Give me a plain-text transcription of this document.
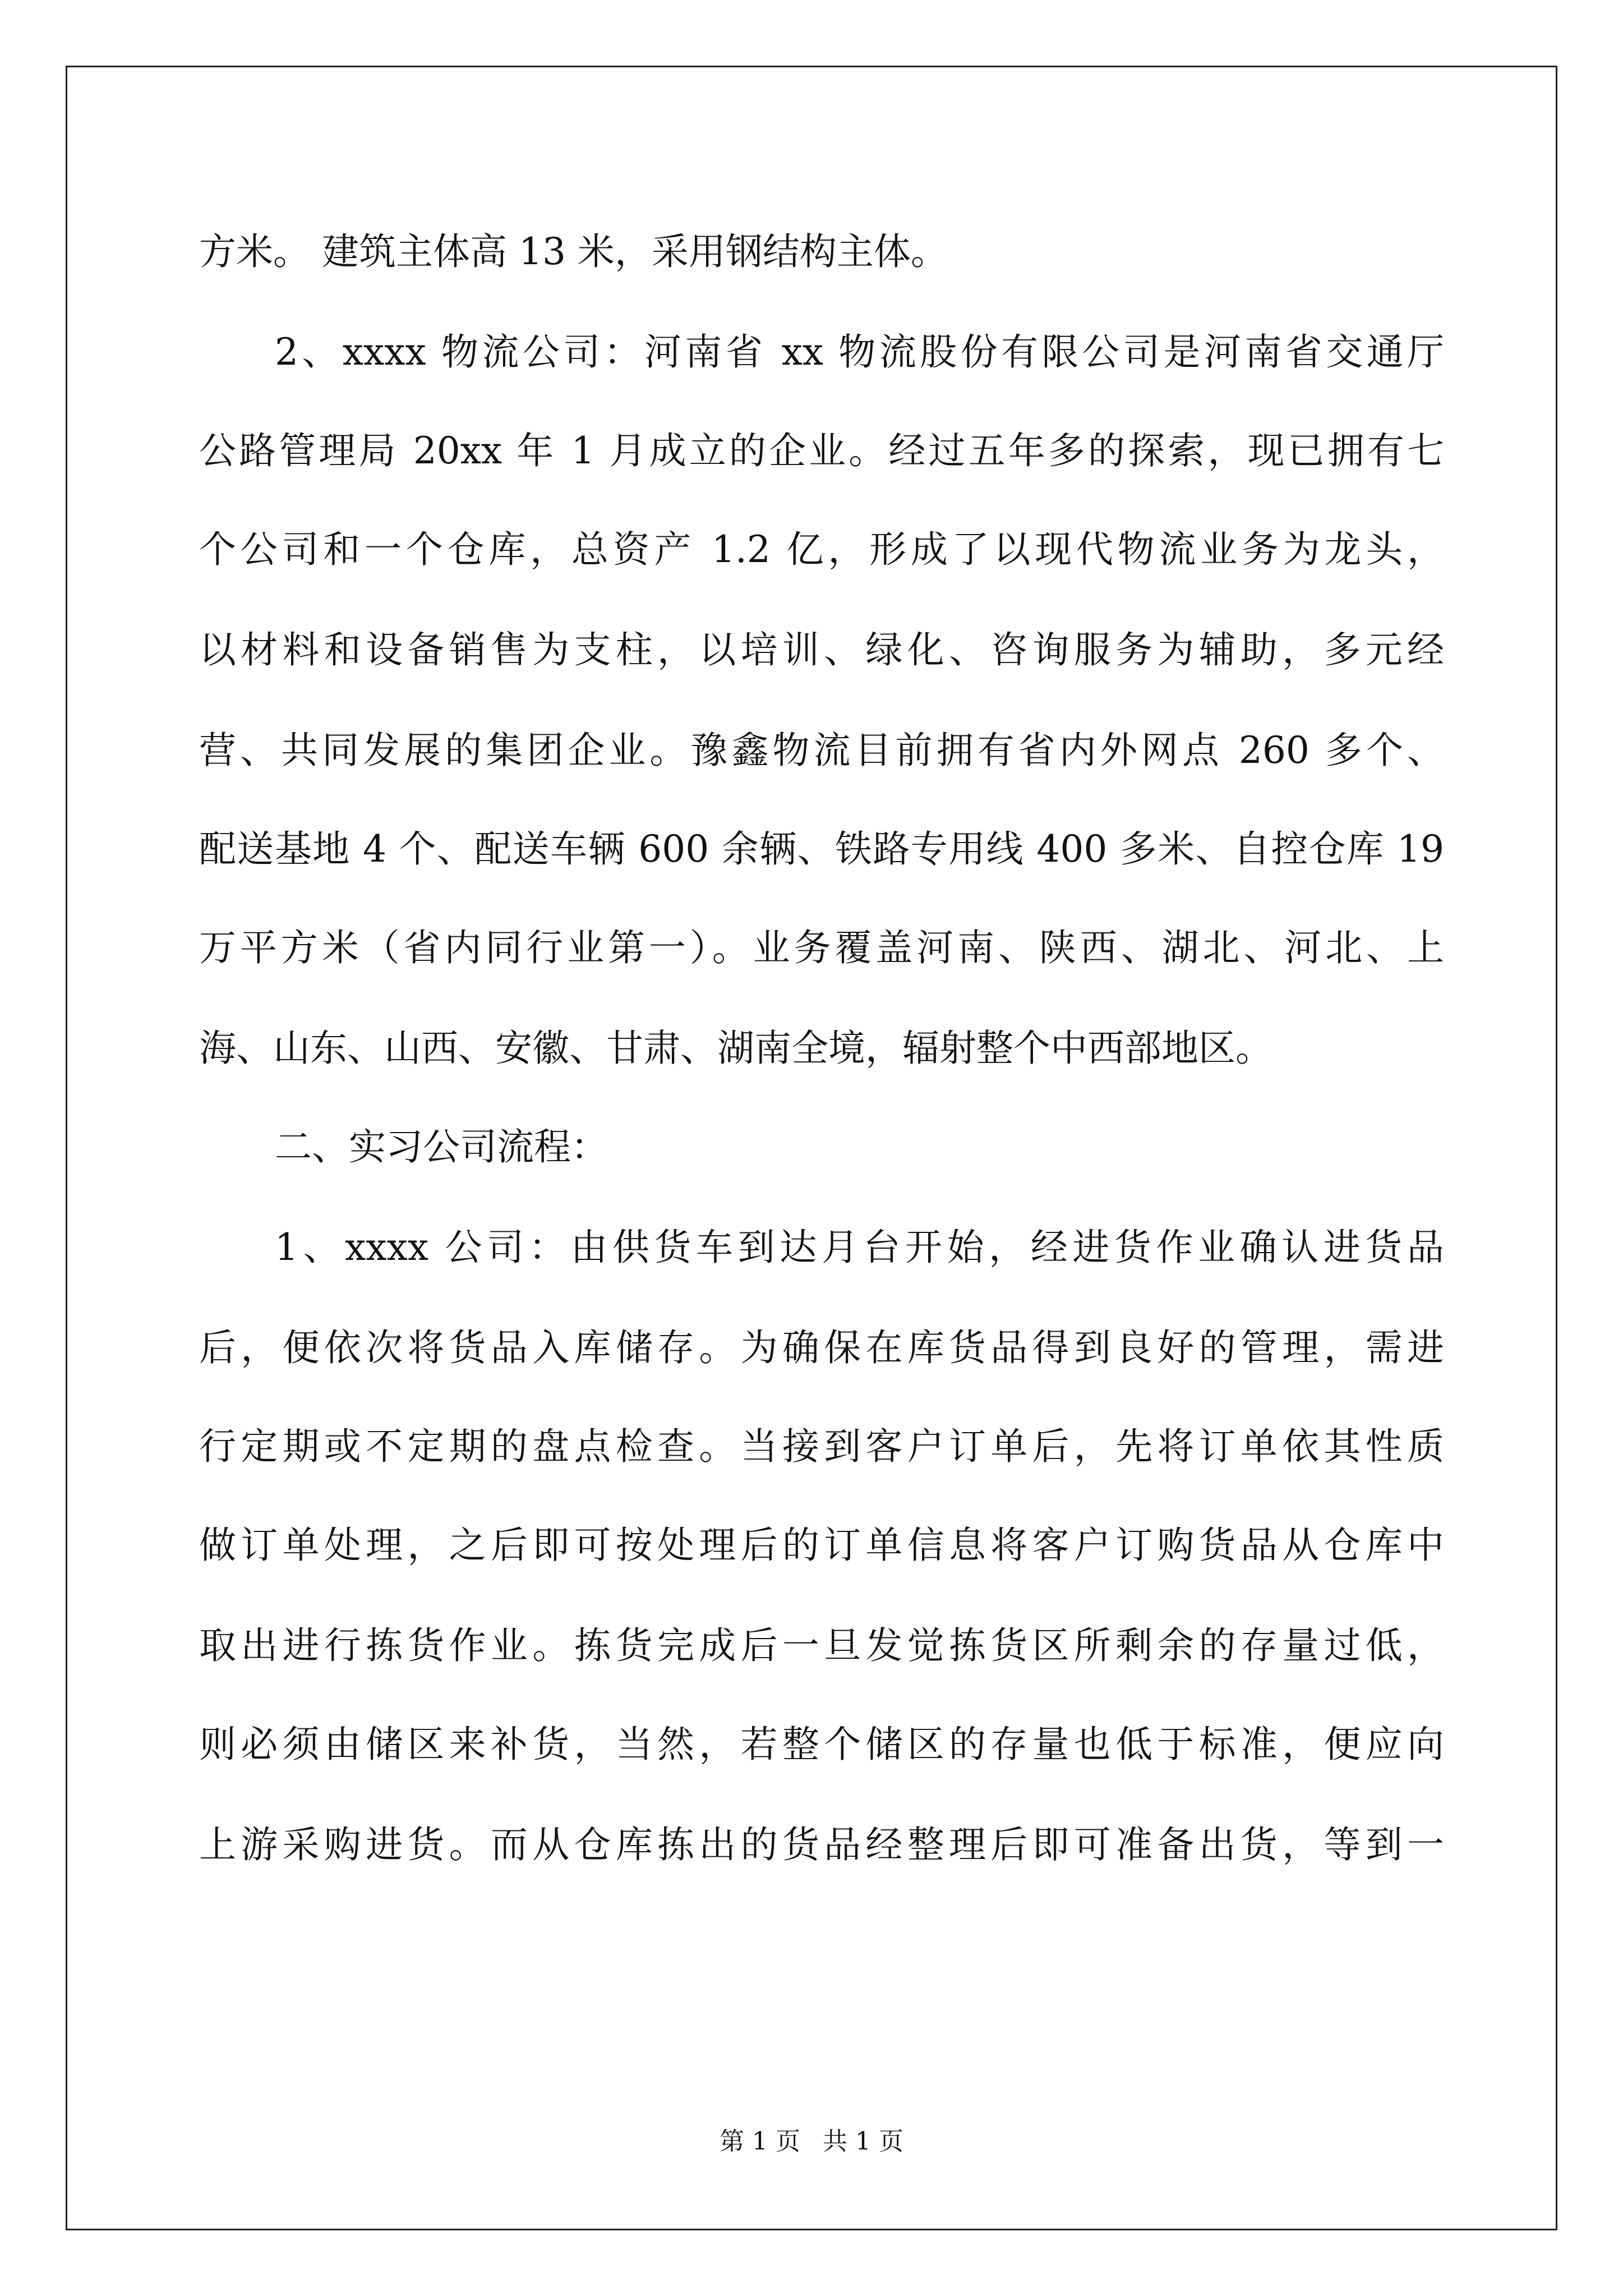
方米。 建筑主体高 13 米，采用钢结构主体。
2、xxxx 物流公司：河南省 xx 物流股份有限公司是河南省交通厅
公路管理局 20xx 年 1 月成立的企业。经过五年多的探索，现已拥有七
个公司和一个仓库，总资产 1.2 亿，形成了以现代物流业务为龙头，
以材料和设备销售为支柱，以培训、绿化、咨询服务为辅助，多元经
营、共同发展的集团企业。豫鑫物流目前拥有省内外网点 260 多个、
配送基地 4 个、配送车辆 600 余辆、铁路专用线 400 多米、自控仓库 19
万平方米（省内同行业第一）。业务覆盖河南、陕西、湖北、河北、上
海、山东、山西、安徽、甘肃、湖南全境，辐射整个中西部地区。
二、实习公司流程：
1、xxxx 公司：由供货车到达月台开始，经进货作业确认进货品
后，便依次将货品入库储存。为确保在库货品得到良好的管理，需进
行定期或不定期的盘点检查。当接到客户订单后，先将订单依其性质
做订单处理，之后即可按处理后的订单信息将客户订购货品从仓库中
取出进行拣货作业。拣货完成后一旦发觉拣货区所剩余的存量过低，
则必须由储区来补货，当然，若整个储区的存量也低于标准，便应向
上游采购进货。而从仓库拣出的货品经整理后即可准备出货，等到一
第 1 页 共 1 页
